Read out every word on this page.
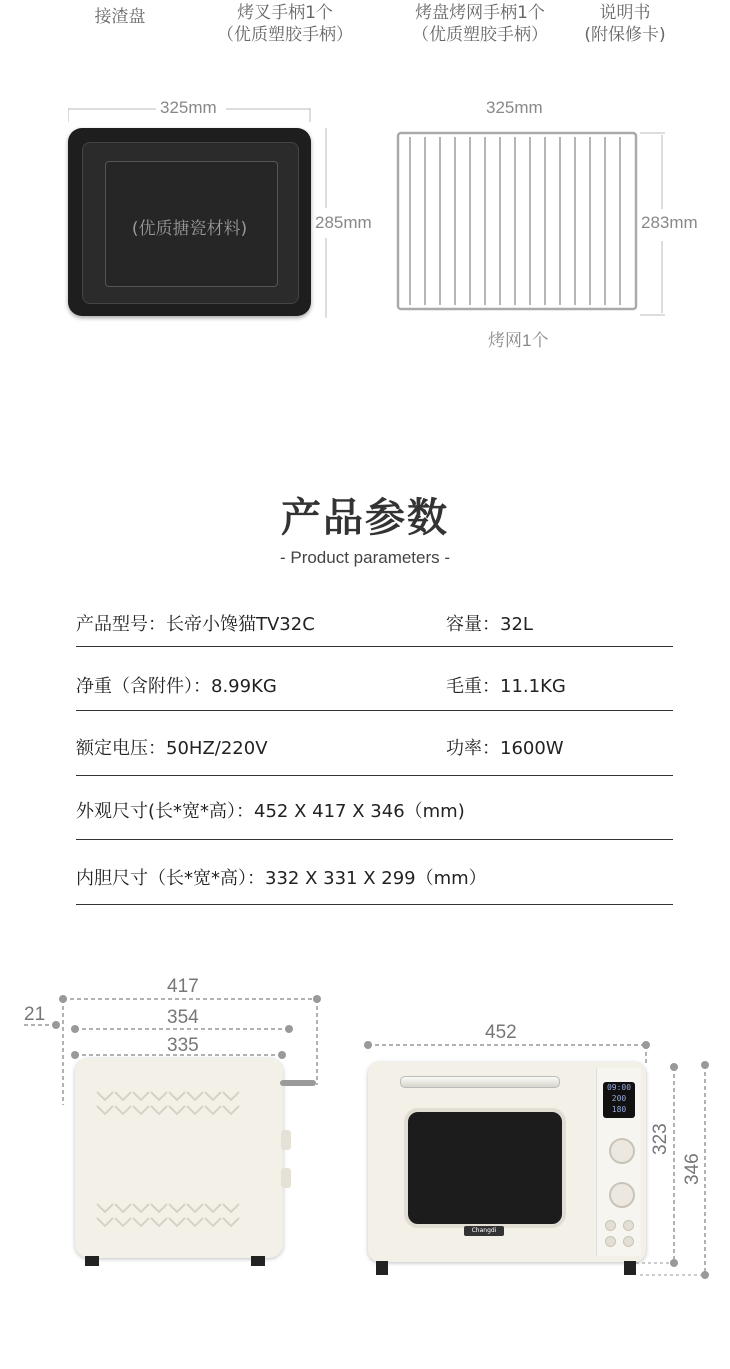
接渣盘	烤叉手柄1个
（优质塑胶手柄）
烤盘烤网手柄1个
（优质塑胶手柄）
说明书
(附保修卡)
325mm
285mm
(优质搪瓷材料)
325mm
283mm
烤网1个
产品参数
- Product parameters -
产品型号：长帝小馋猫TV32C	容量：32L
净重（含附件）：8.99KG	毛重：11.1KG
额定电压：50HZ/220V	功率：1600W
外观尺寸(长*宽*高）：452 X 417 X 346（mm)
内胆尺寸（长*宽*高）：332 X 331 X 299（mm）
417
354
335
21
452
323
346
09:00
200
180
Changdi
